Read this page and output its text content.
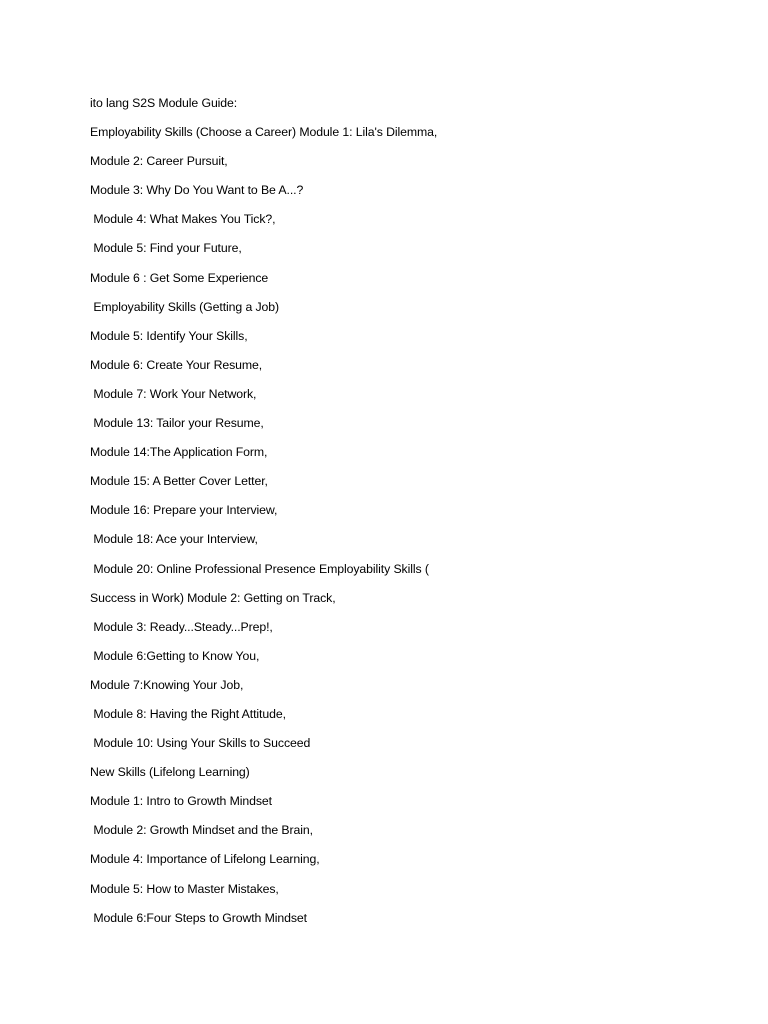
ito lang S2S Module Guide:
Employability Skills (Choose a Career) Module 1: Lila's Dilemma,
Module 2: Career Pursuit,
Module 3: Why Do You Want to Be A...?
Module 4: What Makes You Tick?,
Module 5: Find your Future,
Module 6 : Get Some Experience
Employability Skills (Getting a Job)
Module 5: Identify Your Skills,
Module 6: Create Your Resume,
Module 7: Work Your Network,
Module 13: Tailor your Resume,
Module 14:The Application Form,
Module 15: A Better Cover Letter,
Module 16: Prepare your Interview,
Module 18: Ace your Interview,
Module 20: Online Professional Presence Employability Skills (
Success in Work) Module 2: Getting on Track,
Module 3: Ready...Steady...Prep!,
Module 6:Getting to Know You,
Module 7:Knowing Your Job,
Module 8: Having the Right Attitude,
Module 10: Using Your Skills to Succeed
New Skills (Lifelong Learning)
Module 1: Intro to Growth Mindset
Module 2: Growth Mindset and the Brain,
Module 4: Importance of Lifelong Learning,
Module 5: How to Master Mistakes,
Module 6:Four Steps to Growth Mindset
